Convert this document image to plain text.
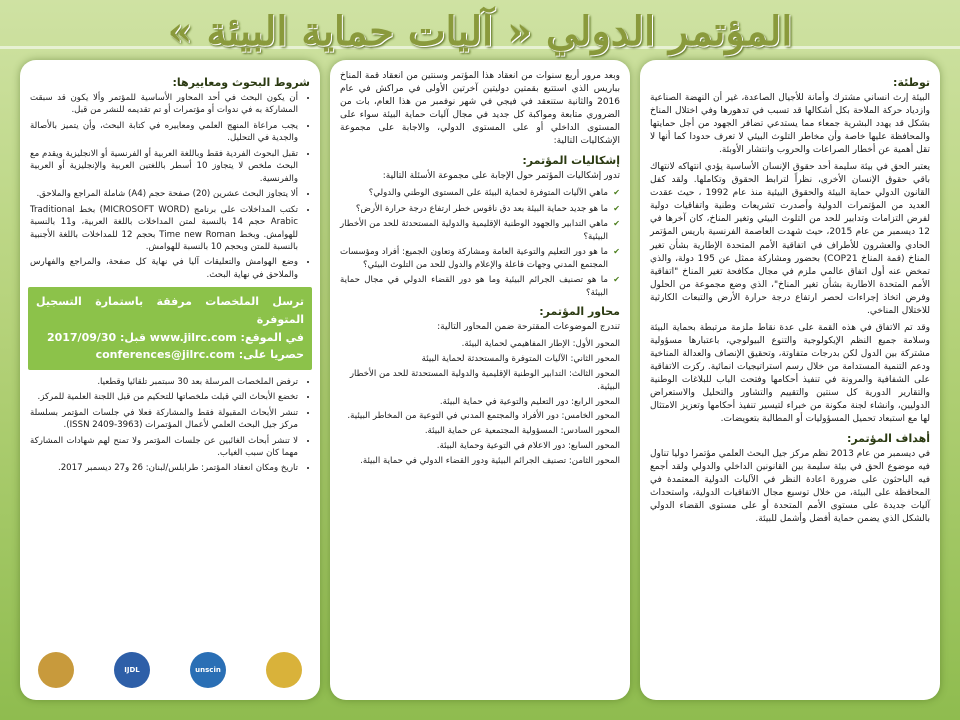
المؤتمر الدولي « آليات حماية البيئة »
توطئة:

البيئة إرث انساني مشترك وأمانة للأجيال الصاعدة، غير أن النهضة الصناعية وازدياد حركة الملاحة بكل أشكالها قد تسبب في تدهورها وفي اختلال المناخ بشكل قد يهدد البشرية جمعاء مما يستدعي تضافر الجهود من أجل حمايتها والمحافظة عليها خاصة وأن مخاطر التلوث البيئي لا تعرف حدودا كما أنها لا تقل أهمية عن أخطار الصراعات والحروب وانتشار الأوبئة.

يعتبر الحق في بيئة سليمة أحد حقوق الإنسان الأساسية يؤدي انتهاكه لانتهاك باقي حقوق الإنسان الأخرى، نظراً لترابط الحقوق وتكاملها. ولقد كفل القانون الدولي حماية البيئة والحقوق البيئية منذ عام 1992 ، حيث عقدت العديد من المؤتمرات الدولية وأصدرت تشريعات وطنية واتفاقيات دولية لفرض التزامات وتدابير للحد من التلوث البيئي وتغير المناخ، كان آخرها في 12 ديسمبر من عام 2015، حيث شهدت العاصمة الفرنسية باريس المؤتمر الحادي والعشرون للأطراف في اتفاقية الأمم المتحدة الإطارية بشأن تغير المناخ (قمة المناخ COP21) بحضور ومشاركة ممثل عن 195 دولة، والذي تمخض عنه أول اتفاق عالمي ملزم في مجال مكافحة تغير المناخ "اتفاقية الأمم المتحدة الاطارية بشأن تغير المناخ"، الذي وضع مجموعة من الحلول وفرض اتخاذ إجراءات لحصر ارتفاع درجة حرارة الأرض والتبعات الكارثية للاختلال المناخي.

وقد تم الاتفاق في هذه القمة على عدة نقاط ملزمة مرتبطة بحماية البيئة وسلامة جميع النظم الإيكولوجية والتنوع البيولوجي، باعتبارها مسؤولية مشتركة بين الدول لكن بدرجات متفاوتة، وتحقيق الإنصاف والعدالة المناخية ودعم التنمية المستدامة من خلال رسم استراتيجيات انمائية. ركزت الاتفاقية على الشفافية والمرونة في تنفيذ أحكامها وفتحت الباب للبلاغات الوطنية والتقارير الدورية كل سنتين والتقييم والتشاور والتحليل والاستعراض الدوليين، وانشاء لجنة مكونة من خبراء لتيسير تنفيذ أحكامها وتعزيز الامتثال لها مع استبعاد تحميل المسؤوليات أو المطالبة بتعويضات.

أهداف المؤتمر:

في ديسمبر من عام 2013 نظم مركز جيل البحث العلمي مؤتمرا دوليا تناول فيه موضوع الحق في بيئة سليمة بين القانونين الداخلي والدولي ولقد أجمع فيه الباحثون على ضرورة اعادة النظر في الآليات الدولية المعتمدة في المحافظة على البيئة، من خلال توسيع مجال الاتفاقيات الدولية، واستحداث آليات جديدة على مستوى الأمم المتحدة أو على مستوى القضاء الدولي بالشكل الذي يضمن حماية أفضل وأشمل للبيئة.

وبعد مرور أربع سنوات من انعقاد هذا المؤتمر وسنتين من انعقاد قمة المناخ بباريس الذي استتبع بقمتين دوليتين آخرتين الأولى في مراكش في عام 2016 والثانية ستنعقد في فيجي في شهر نوفمبر من هذا العام، بات من الضروري متابعة ومواكبة كل جديد في مجال آليات حماية البيئة سواء على المستوى الداخلي أو على المستوى الدولي، والاجابة على مجموعة الإشكاليات التالية:

إشكاليات المؤتمر:

تدور إشكاليات المؤتمر حول الإجابة على مجموعة الأسئلة التالية:

✔ ماهي الآليات المتوفرة لحماية البيئة على المستوى الوطني والدولي؟
✔ ما هو جديد حماية البيئة بعد دق ناقوس خطر ارتفاع درجة حرارة الأرض؟
✔ ماهي التدابير والجهود الوطنية الإقليمية والدولية المستحدثة للحد من الأخطار البيئية؟
✔ ما هو دور التعليم والتوعية العامة ومشاركة وتعاون الجميع: أفراد ومؤسسات المجتمع المدني وجهات فاعلة والإعلام والدول للحد من التلوث البيئي؟
✔ ما هو تصنيف الجرائم البيئية وما هو دور القضاء الدولي في مجال حماية البيئة؟
محاور المؤتمر:

تندرج الموضوعات المقترحة ضمن المحاور التالية:

المحور الأول: الإطار المفاهيمي لحماية البيئة.
المحور الثاني: الآليات المتوفرة والمستحدثة لحماية البيئة
المحور الثالث: التدابير الوطنية الإقليمية والدولية المستحدثة للحد من الأخطار البيئية.
المحور الرابع: دور التعليم والتوعية في حماية البيئة.
المحور الخامس: دور الأفراد والمجتمع المدني في التوعية من المخاطر البيئية.
المحور السادس: المسؤولية المجتمعية عن حماية البيئة.
المحور السابع: دور الاعلام في التوعية وحماية البيئة.
المحور الثامن: تصنيف الجرائم البيئية ودور القضاء الدولي في حماية البيئة.
شروط البحوث ومعاييرها:
• أن يكون البحث في أحد المحاور الأساسية للمؤتمر وألا يكون قد سبقت المشاركة به في ندوات أو مؤتمرات أو تم تقديمه للنشر من قبل.
• يجب مراعاة المنهج العلمي ومعاييره في كتابة البحث، وأن يتميز بالأصالة والجدية في التحليل.
• تقبل البحوث الفردية فقط وباللغة العربية أو الفرنسية أو الانجليزية ويقدم مع البحث ملخص لا يتجاوز 10 أسطر باللغتين العربية والإنجليزية أو العربية والفرنسية.
• ألا يتجاوز البحث عشرين (20) صفحة حجم (A4) شاملة المراجع والملاحق.
• تكتب المداخلات على برنامج (MICROSOFT WORD) بخط Traditional Arabic حجم 14 بالنسبة لمتن المداخلات باللغة العربية، و11 بالنسبة للهوامش. وبخط Time new Roman بحجم 12 للمداخلات باللغة الأجنبية بالنسبة للمتن وبحجم 10 بالنسبة للهوامش.
• وضع الهوامش والتعليقات آليا في نهاية كل صفحة، والمراجع والفهارس والملاحق في نهاية البحث.

ترسل الملخصات مرفقة باستمارة التسجيل المتوفرة

في الموقع: www.jilrc.com قبل: 2017/09/30

حصريا على: conferences@jilrc.com

• ترفض الملخصات المرسلة بعد 30 سبتمبر تلقائيا وقطعيا.
• تخضع الأبحاث التي قبلت ملخصاتها للتحكيم من قبل اللجنة العلمية للمركز.
• تنشر الأبحاث المقبولة فقط والمشاركة فعلا في جلسات المؤتمر بسلسلة مركز جيل البحث العلمي لأعمال المؤتمرات (ISSN 2409-3963).
• لا تنشر أبحاث الغائبين عن جلسات المؤتمر ولا تمنح لهم شهادات المشاركة مهما كان سبب الغياب.
• تاريخ ومكان انعقاد المؤتمر: طرابلس/لبنان: 26 و27 ديسمبر 2017.
IJDL	unscin
